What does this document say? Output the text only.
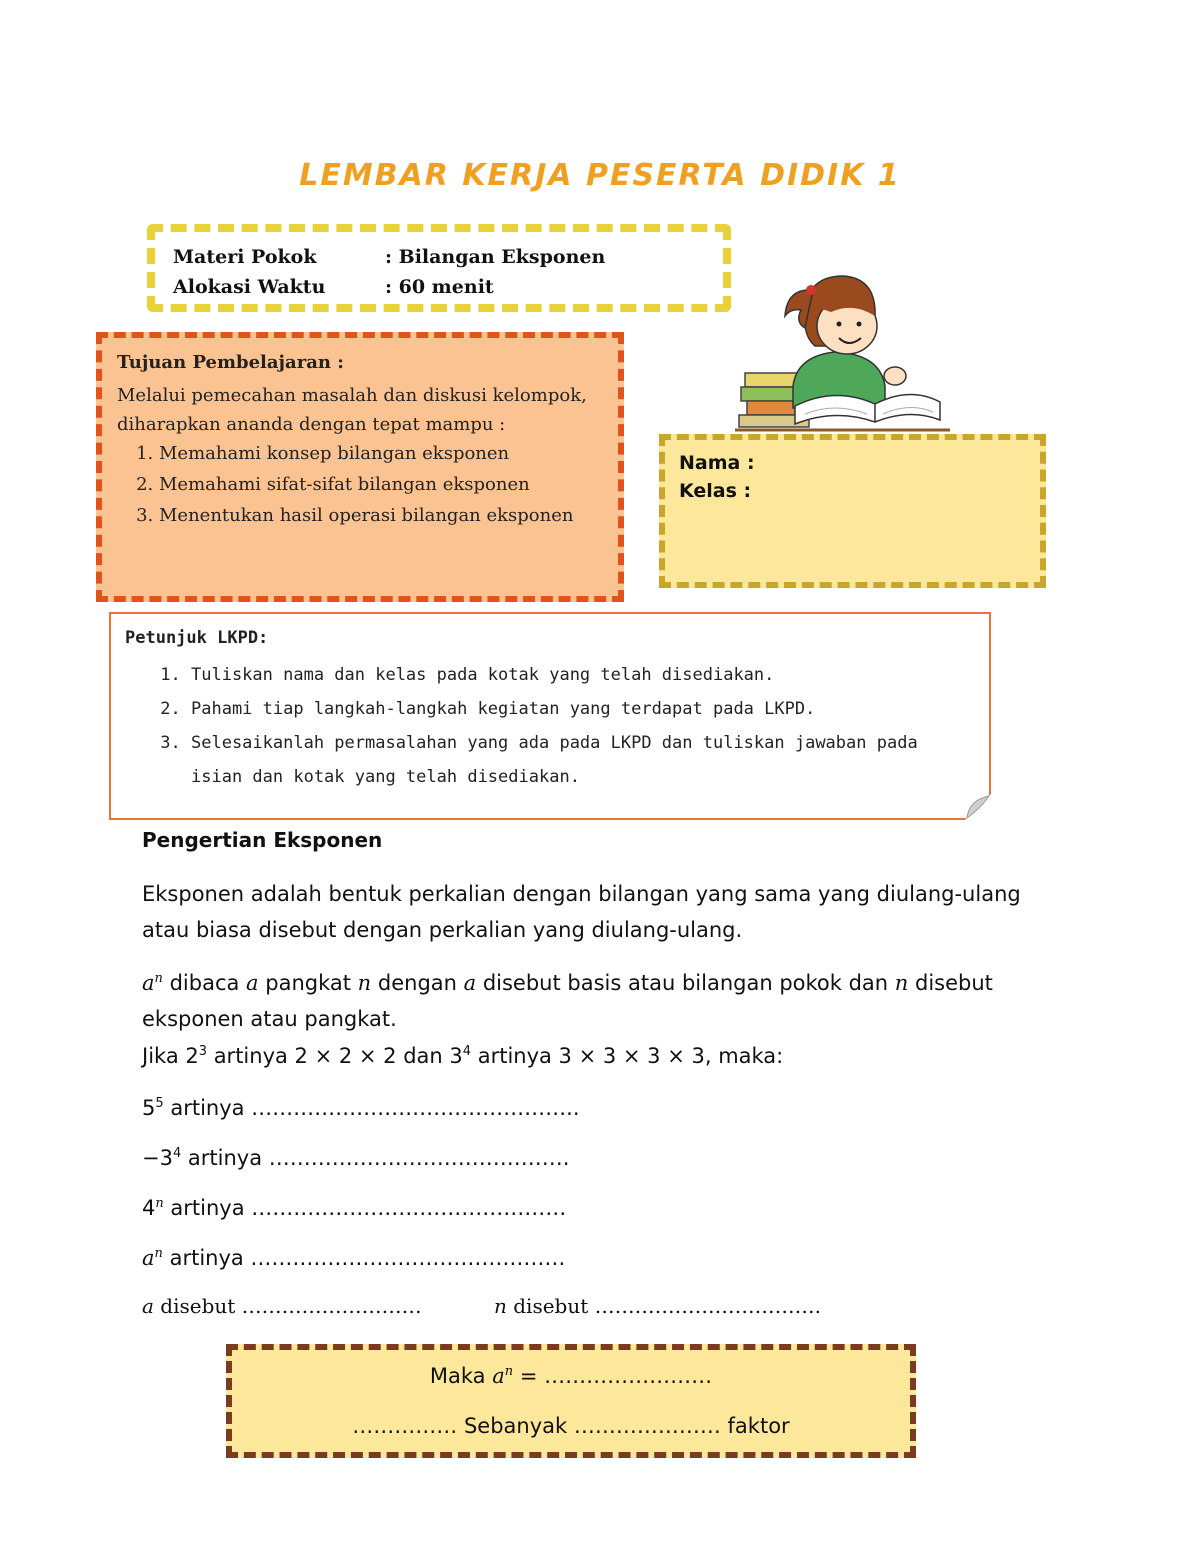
LEMBAR KERJA PESERTA DIDIK 1
Materi Pokok	: Bilangan Eksponen
Alokasi Waktu	: 60 menit
Tujuan Pembelajaran :
Melalui pemecahan masalah dan diskusi kelompok, diharapkan ananda dengan tepat mampu :
1. Memahami konsep bilangan eksponen
2. Memahami sifat-sifat bilangan eksponen
3. Menentukan hasil operasi bilangan eksponen
Nama :
Kelas :
Petunjuk LKPD:
1. Tuliskan nama dan kelas pada kotak yang telah disediakan.
2. Pahami tiap langkah-langkah kegiatan yang terdapat pada LKPD.
3. Selesaikanlah permasalahan yang ada pada LKPD dan tuliskan jawaban pada isian dan kotak yang telah disediakan.
Pengertian Eksponen
Eksponen adalah bentuk perkalian dengan bilangan yang sama yang diulang-ulang atau biasa disebut dengan perkalian yang diulang-ulang.
$a^n$ dibaca a pangkat n dengan a disebut basis atau bilangan pokok dan n disebut eksponen atau pangkat.
Jika $2^3$ artinya 2 × 2 × 2 dan $3^4$ artinya 3 × 3 × 3 × 3, maka:
$5^5$ artinya ………………………………………..
$-3^4$ artinya …………………………………….
4$^n$ artinya ………………………………………
$a^n$ artinya ………………………………………
a disebut ………………………	n disebut …………………………….
Maka $a^n$ = ……………………
…………… Sebanyak ………………… faktor
